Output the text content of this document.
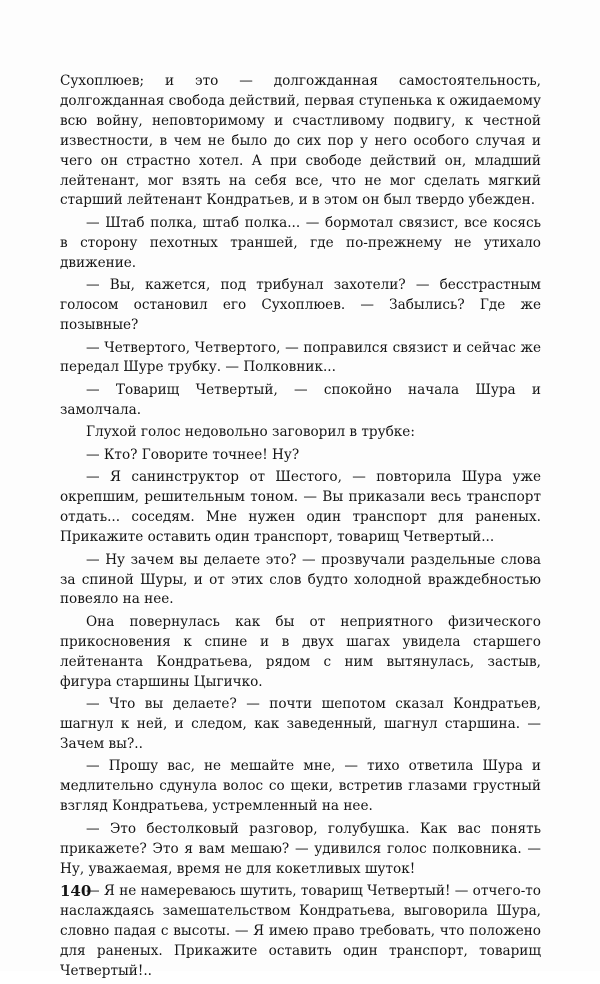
Сухоплюев; и это — долгожданная самостоятельность, долгожданная свобода действий, первая ступенька к ожидаемому всю войну, неповторимому и счастливому подвигу, к честной известности, в чем не было до сих пор у него особого случая и чего он страстно хотел. А при свободе действий он, младший лейтенант, мог взять на себя все, что не мог сделать мягкий старший лейтенант Кондратьев, и в этом он был твердо убежден.

— Штаб полка, штаб полка... — бормотал связист, все косясь в сторону пехотных траншей, где по-прежнему не утихало движение.

— Вы, кажется, под трибунал захотели? — бесстрастным голосом остановил его Сухоплюев. — Забылись? Где же позывные?

— Четвертого, Четвертого, — поправился связист и сейчас же передал Шуре трубку. — Полковник...

— Товарищ Четвертый, — спокойно начала Шура и замолчала.

Глухой голос недовольно заговорил в трубке:

— Кто? Говорите точнее! Ну?

— Я санинструктор от Шестого, — повторила Шура уже окрепшим, решительным тоном. — Вы приказали весь транспорт отдать... соседям. Мне нужен один транспорт для раненых. Прикажите оставить один транспорт, товарищ Четвертый...

— Ну зачем вы делаете это? — прозвучали раздельные слова за спиной Шуры, и от этих слов будто холодной враждебностью повеяло на нее.

Она повернулась как бы от неприятного физического прикосновения к спине и в двух шагах увидела старшего лейтенанта Кондратьева, рядом с ним вытянулась, застыв, фигура старшины Цыгичко.

— Что вы делаете? — почти шепотом сказал Кондратьев, шагнул к ней, и следом, как заведенный, шагнул старшина. — Зачем вы?..

— Прошу вас, не мешайте мне, — тихо ответила Шура и медлительно сдунула волос со щеки, встретив глазами грустный взгляд Кондратьева, устремленный на нее.

— Это бестолковый разговор, голубушка. Как вас понять прикажете? Это я вам мешаю? — удивился голос полковника. — Ну, уважаемая, время не для кокетливых шуток!

— Я не намереваюсь шутить, товарищ Четвертый! — отчего-то наслаждаясь замешательством Кондратьева, выговорила Шура, словно падая с высоты. — Я имею право требовать, что положено для раненых. Прикажите оставить один транспорт, товарищ Четвертый!..

140
